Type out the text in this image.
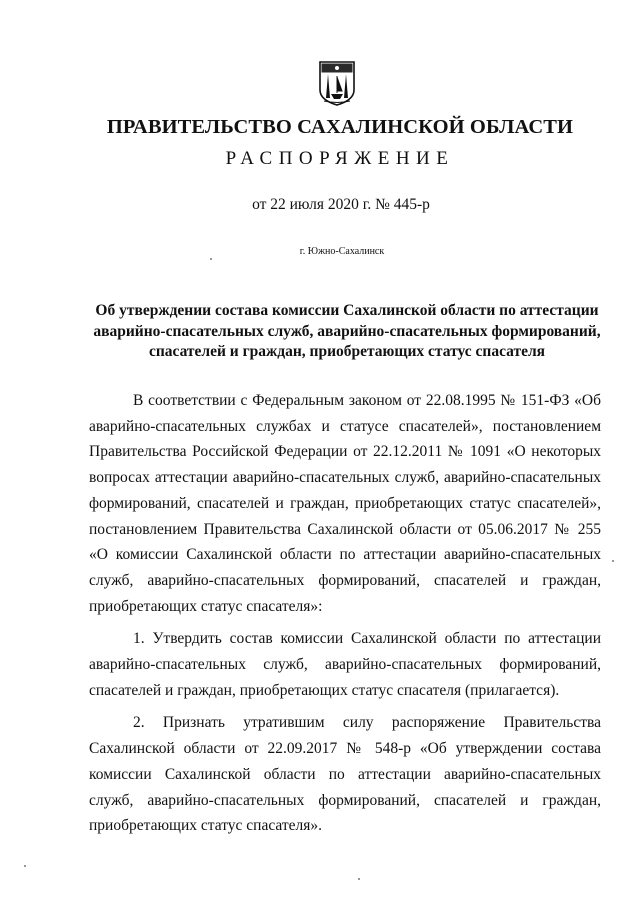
ПРАВИТЕЛЬСТВО САХАЛИНСКОЙ ОБЛАСТИ
РАСПОРЯЖЕНИЕ
от 22 июля 2020 г. № 445-р
г. Южно-Сахалинск
Об утверждении состава комиссии Сахалинской области по аттестации аварийно-спасательных служб, аварийно-спасательных формирований, спасателей и граждан, приобретающих статус спасателя

В соответствии с Федеральным законом от 22.08.1995 № 151-ФЗ «Об аварийно-спасательных службах и статусе спасателей», постановлением Правительства Российской Федерации от 22.12.2011 № 1091 «О некоторых вопросах аттестации аварийно-спасательных служб, аварийно-спасательных формирований, спасателей и граждан, приобретающих статус спасателей», постановлением Правительства Сахалинской области от 05.06.2017 № 255 «О комиссии Сахалинской области по аттестации аварийно-спасательных служб, аварийно-спасательных формирований, спасателей и граждан, приобретающих статус спасателя»:

1. Утвердить состав комиссии Сахалинской области по аттестации аварийно-спасательных служб, аварийно-спасательных формирований, спасателей и граждан, приобретающих статус спасателя (прилагается).

2. Признать утратившим силу распоряжение Правительства Сахалинской области от 22.09.2017 № 548-р «Об утверждении состава комиссии Сахалинской области по аттестации аварийно-спасательных служб, аварийно-спасательных формирований, спасателей и граждан, приобретающих статус спасателя».
